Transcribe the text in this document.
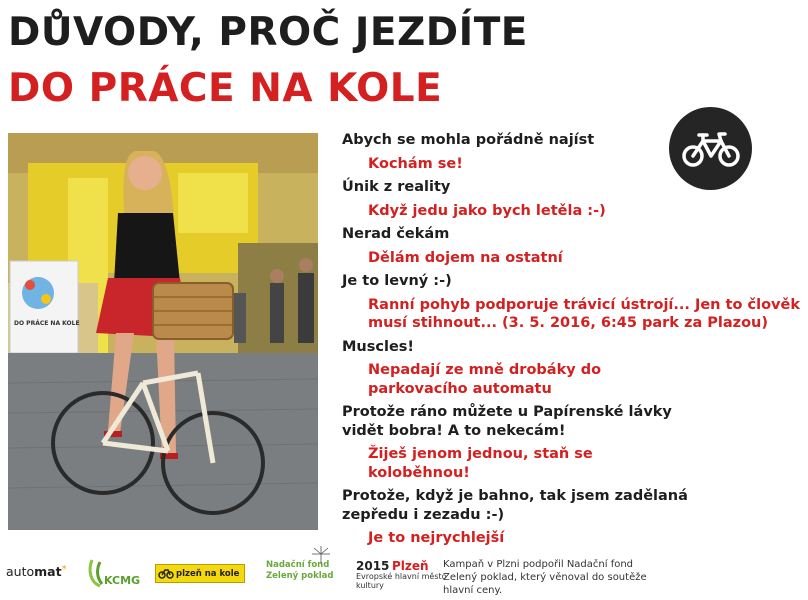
DŮVODY, PROČ JEZDÍTE
DO PRÁCE NA KOLE
DO PRÁCE NA KOLE

Abych se mohla pořádně najíst

Kochám se!

Únik z reality

Když jedu jako bych letěla :-)

Nerad čekám

Dělám dojem na ostatní

Je to levný :-)

Ranní pohyb podporuje trávicí ústrojí... Jen to člověk musí stihnout... (3. 5. 2016, 6:45 park za Plazou)

Muscles!

Nepadají ze mně drobáky do parkovacího automatu

Protože ráno můžete u Papírenské lávky vidět bobra! A to nekecám!

Žiješ jenom jednou, staň se koloběhnou!

Protože, když je bahno, tak jsem zadělaná zepředu i zezadu :-)

Je to nejrychlejší

automat*
KCMG
plzeň na kole
Nadační fond
Zelený poklad
2015 Plzeň
Evropské hlavní město
kultury
Kampaň v Plzni podpořil Nadační fond Zelený poklad, který věnoval do soutěže hlavní ceny.
